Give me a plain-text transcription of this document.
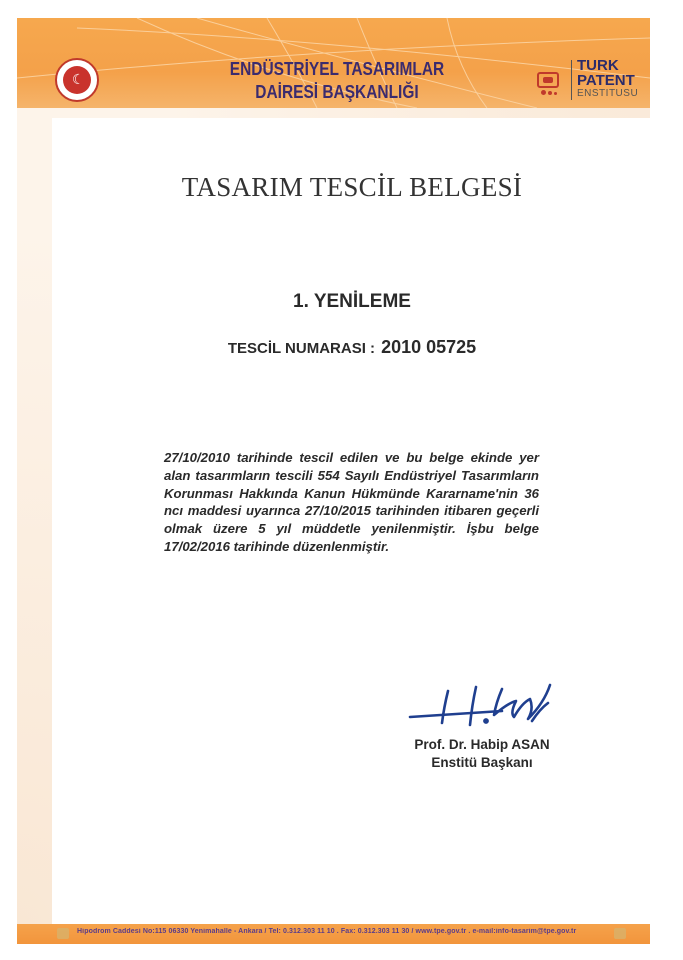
☾
ENDÜSTRİYEL TASARIMLAR
DAİRESİ BAŞKANLIĞI
TURK
PATENT
ENSTITUSU
TASARIM TESCİL BELGESİ
1. YENİLEME
TESCİL NUMARASI : 2010 05725
27/10/2010 tarihinde tescil edilen ve bu belge ekinde yer alan tasarımların tescili 554 Sayılı Endüstriyel Tasarımların Korunması Hakkında Kanun Hükmünde Kararname'nin 36 ncı maddesi uyarınca 27/10/2015 tarihinden itibaren geçerli olmak üzere 5 yıl müddetle yenilenmiştir. İşbu belge 17/02/2016 tarihinde düzenlenmiştir.
Prof. Dr. Habip ASAN
Enstitü Başkanı
Hipodrom Caddesi No:115 06330 Yenimahalle - Ankara / Tel: 0.312.303 11 10 . Fax: 0.312.303 11 30 / www.tpe.gov.tr . e-mail:info-tasarim@tpe.gov.tr
